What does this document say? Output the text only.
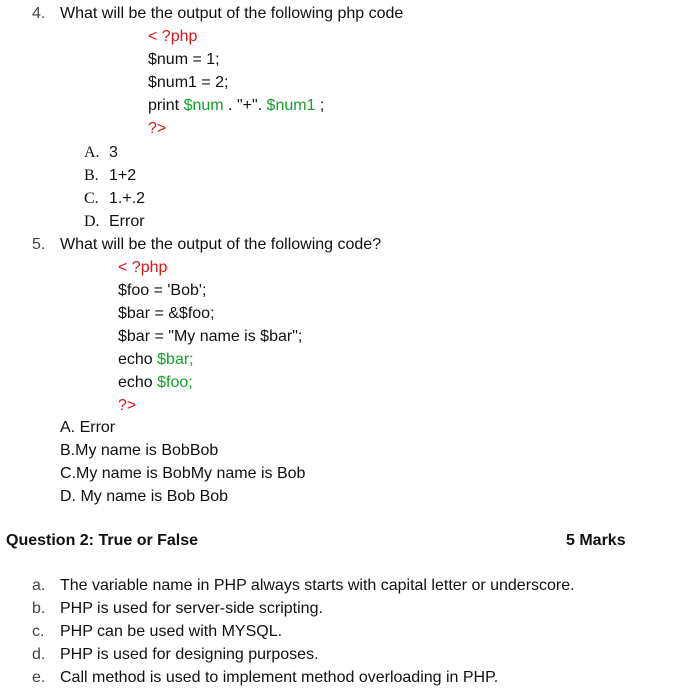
4. What will be the output of the following php code
< ?php
$num = 1;
$num1 = 2;
print $num . "+". $num1 ;
?>
A. 3
B. 1+2
C. 1.+.2
D. Error
5. What will be the output of the following code?
< ?php
$foo = 'Bob';
$bar = &$foo;
$bar = "My name is $bar";
echo $bar;
echo $foo;
?>
A. Error
B.My name is BobBob
C.My name is BobMy name is Bob
D. My name is Bob Bob
Question 2: True or False	5 Marks
a. The variable name in PHP always starts with capital letter or underscore.
b. PHP is used for server-side scripting.
c. PHP can be used with MYSQL.
d. PHP is used for designing purposes.
e. Call method is used to implement method overloading in PHP.
